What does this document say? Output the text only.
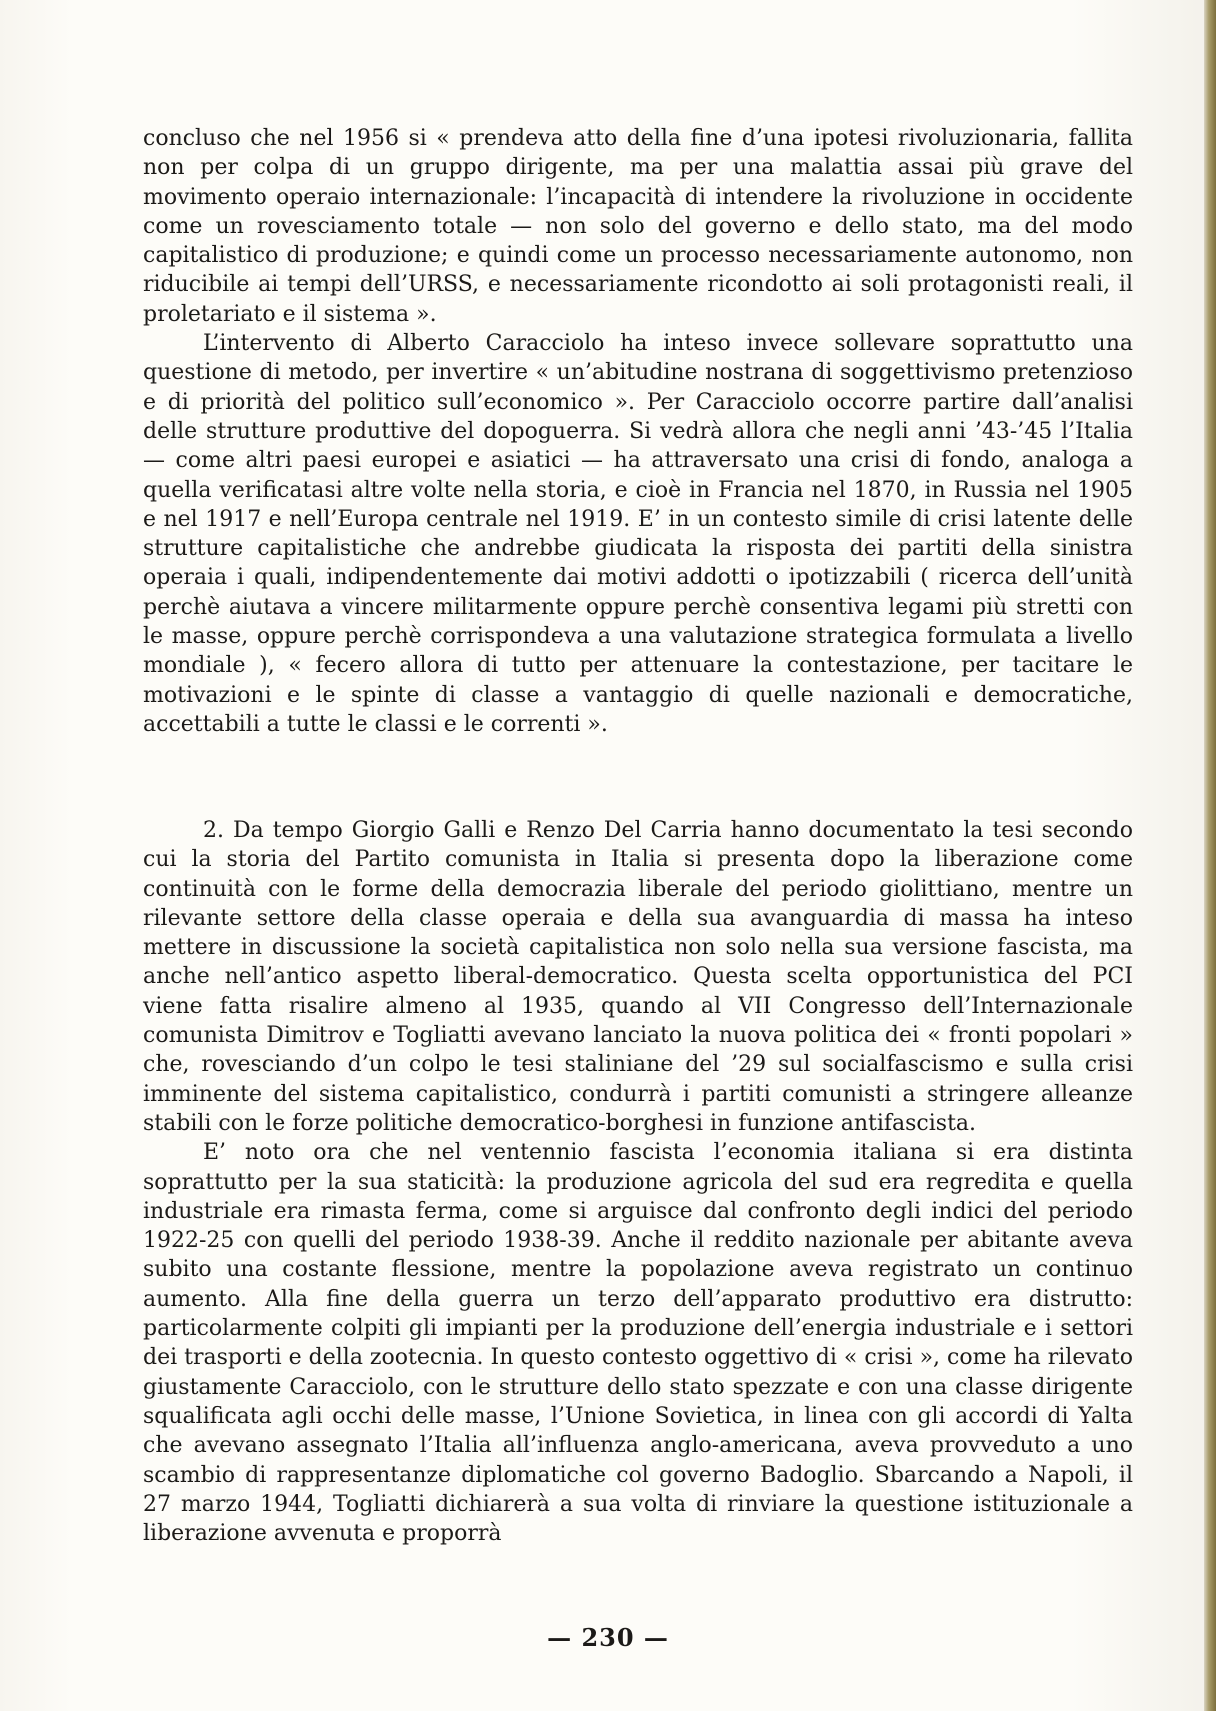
concluso che nel 1956 si « prendeva atto della fine d’una ipotesi rivoluzionaria, fallita non per colpa di un gruppo dirigente, ma per una malattia assai più grave del movimento operaio internazionale: l’incapacità di intendere la rivoluzione in occidente come un rovesciamento totale — non solo del governo e dello stato, ma del modo capitalistico di produzione; e quindi come un processo necessariamente autonomo, non riducibile ai tempi dell’URSS, e necessariamente ricondotto ai soli protagonisti reali, il proletariato e il sistema ».

L’intervento di Alberto Caracciolo ha inteso invece sollevare soprattutto una questione di metodo, per invertire « un’abitudine nostrana di soggettivismo pretenzioso e di priorità del politico sull’economico ». Per Caracciolo occorre partire dall’analisi delle strutture produttive del dopoguerra. Si vedrà allora che negli anni ’43-’45 l’Italia — come altri paesi europei e asiatici — ha attraversato una crisi di fondo, analoga a quella verificatasi altre volte nella storia, e cioè in Francia nel 1870, in Russia nel 1905 e nel 1917 e nell’Europa centrale nel 1919. E’ in un contesto simile di crisi latente delle strutture capitalistiche che andrebbe giudicata la risposta dei partiti della sinistra operaia i quali, indipendentemente dai motivi addotti o ipotizzabili ( ricerca dell’unità perchè aiutava a vincere militarmente oppure perchè consentiva legami più stretti con le masse, oppure perchè corrispondeva a una valutazione strategica formulata a livello mondiale ), « fecero allora di tutto per attenuare la contestazione, per tacitare le motivazioni e le spinte di classe a vantaggio di quelle nazionali e democratiche, accettabili a tutte le classi e le correnti ».

2. Da tempo Giorgio Galli e Renzo Del Carria hanno documentato la tesi secondo cui la storia del Partito comunista in Italia si presenta dopo la liberazione come continuità con le forme della democrazia liberale del periodo giolittiano, mentre un rilevante settore della classe operaia e della sua avanguardia di massa ha inteso mettere in discussione la società capitalistica non solo nella sua versione fascista, ma anche nell’antico aspetto liberal-democratico. Questa scelta opportunistica del PCI viene fatta risalire almeno al 1935, quando al VII Congresso dell’Internazionale comunista Dimitrov e Togliatti avevano lanciato la nuova politica dei « fronti popolari » che, rovesciando d’un colpo le tesi staliniane del ’29 sul socialfascismo e sulla crisi imminente del sistema capitalistico, condurrà i partiti comunisti a stringere alleanze stabili con le forze politiche democratico-borghesi in funzione antifascista.

E’ noto ora che nel ventennio fascista l’economia italiana si era distinta soprattutto per la sua staticità: la produzione agricola del sud era regredita e quella industriale era rimasta ferma, come si arguisce dal confronto degli indici del periodo 1922-25 con quelli del periodo 1938-39. Anche il reddito nazionale per abitante aveva subito una costante flessione, mentre la popolazione aveva registrato un continuo aumento. Alla fine della guerra un terzo dell’apparato produttivo era distrutto: particolarmente colpiti gli impianti per la produzione dell’energia industriale e i settori dei trasporti e della zootecnia. In questo contesto oggettivo di « crisi », come ha rilevato giustamente Caracciolo, con le strutture dello stato spezzate e con una classe dirigente squalificata agli occhi delle masse, l’Unione Sovietica, in linea con gli accordi di Yalta che avevano assegnato l’Italia all’influenza anglo-americana, aveva provveduto a uno scambio di rappresentanze diplomatiche col governo Badoglio. Sbarcando a Napoli, il 27 marzo 1944, Togliatti dichiarerà a sua volta di rinviare la questione istituzionale a liberazione avvenuta e proporrà

— 230 —
